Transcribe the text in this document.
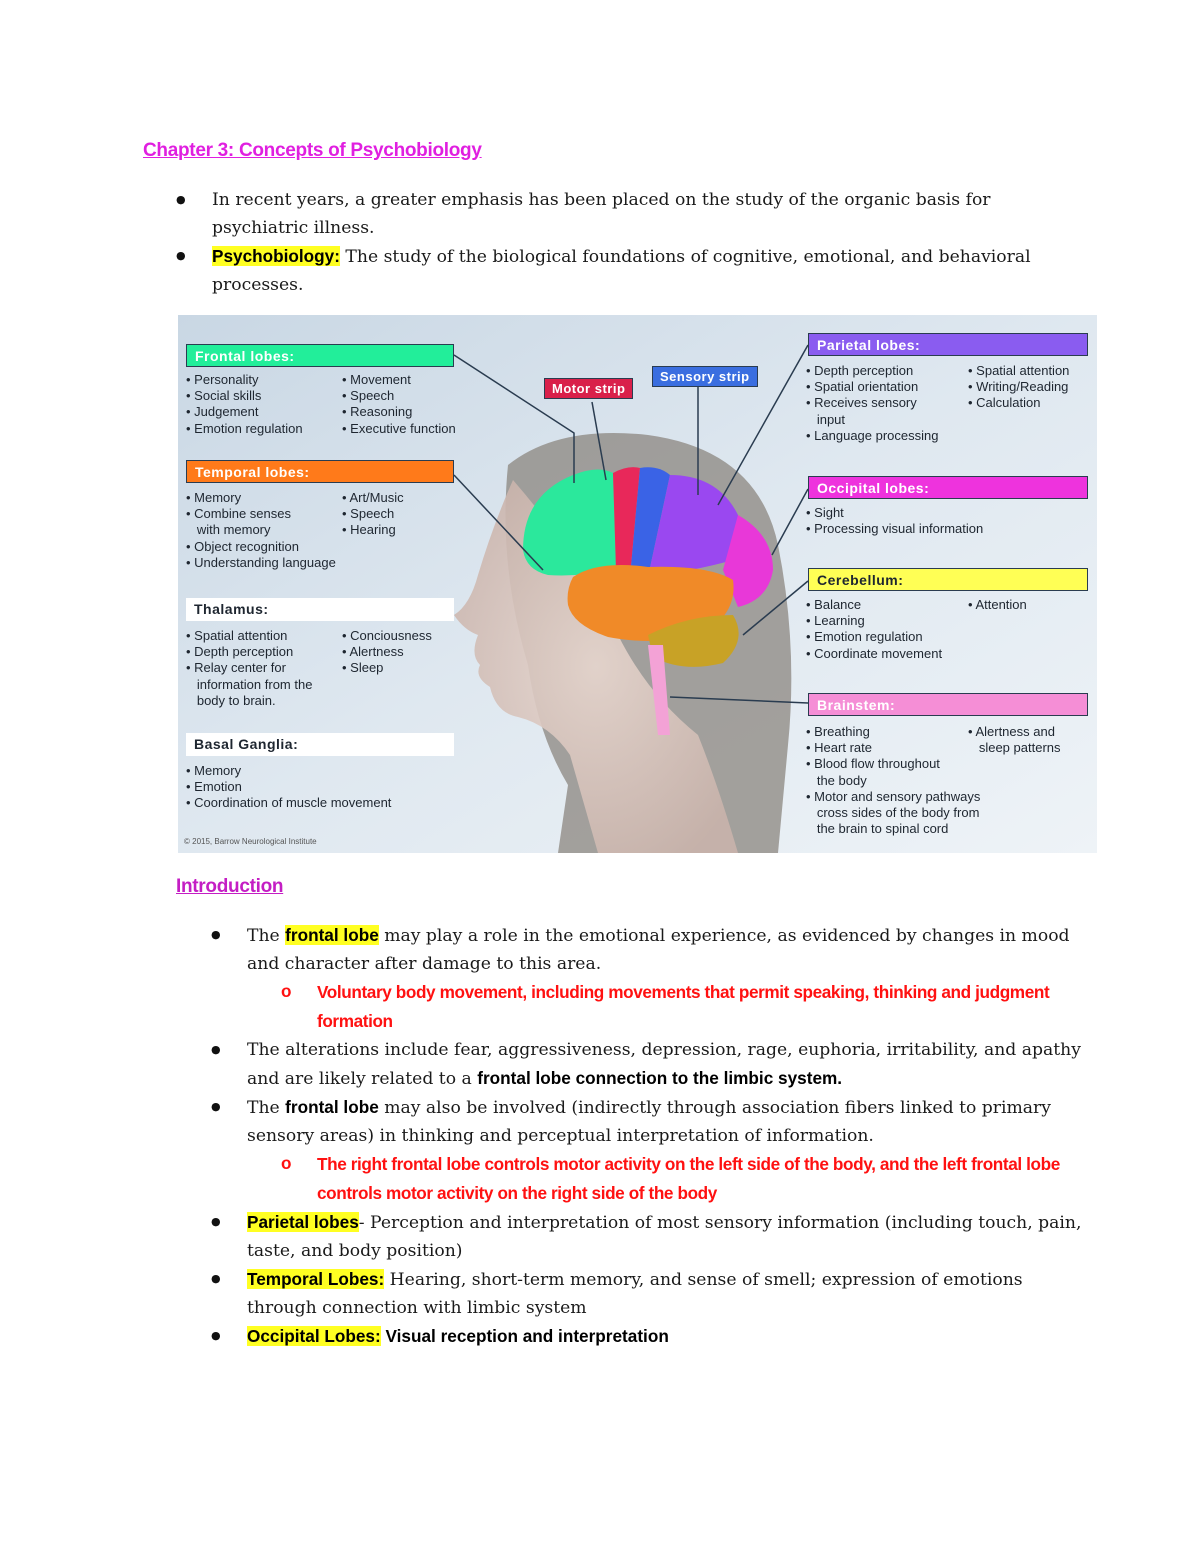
Chapter 3: Concepts of Psychobiology
● In recent years, a greater emphasis has been placed on the study of the organic basis for psychiatric illness.
● Psychobiology: The study of the biological foundations of cognitive, emotional, and behavioral processes.
Frontal lobes:
• Personality
• Social skills
• Judgement
• Emotion regulation
• Movement
• Speech
• Reasoning
• Executive function
Temporal lobes:
• Memory
• Combine senses
with memory
• Object recognition
• Understanding language
• Art/Music
• Speech
• Hearing
Thalamus:
• Spatial attention
• Depth perception
• Relay center for
information from the
body to brain.
• Conciousness
• Alertness
• Sleep
Basal Ganglia:
• Memory
• Emotion
• Coordination of muscle movement
Motor strip
Sensory strip
Parietal lobes:
• Depth perception
• Spatial orientation
• Receives sensory
input
• Language processing
• Spatial attention
• Writing/Reading
• Calculation
Occipital lobes:
• Sight
• Processing visual information
Cerebellum:
• Balance
• Learning
• Emotion regulation
• Coordinate movement
• Attention
Brainstem:
• Breathing
• Heart rate
• Blood flow throughout
the body
• Motor and sensory pathways
cross sides of the body from
the brain to spinal cord
• Alertness and
sleep patterns
© 2015, Barrow Neurological Institute
Introduction
● The frontal lobe may play a role in the emotional experience, as evidenced by changes in mood and character after damage to this area.
o Voluntary body movement, including movements that permit speaking, thinking and judgment formation
● The alterations include fear, aggressiveness, depression, rage, euphoria, irritability, and apathy and are likely related to a frontal lobe connection to the limbic system.
● The frontal lobe may also be involved (indirectly through association fibers linked to primary sensory areas) in thinking and perceptual interpretation of information.
o The right frontal lobe controls motor activity on the left side of the body, and the left frontal lobe controls motor activity on the right side of the body
● Parietal lobes- Perception and interpretation of most sensory information (including touch, pain, taste, and body position)
● Temporal Lobes: Hearing, short-term memory, and sense of smell; expression of emotions through connection with limbic system
● Occipital Lobes: Visual reception and interpretation
